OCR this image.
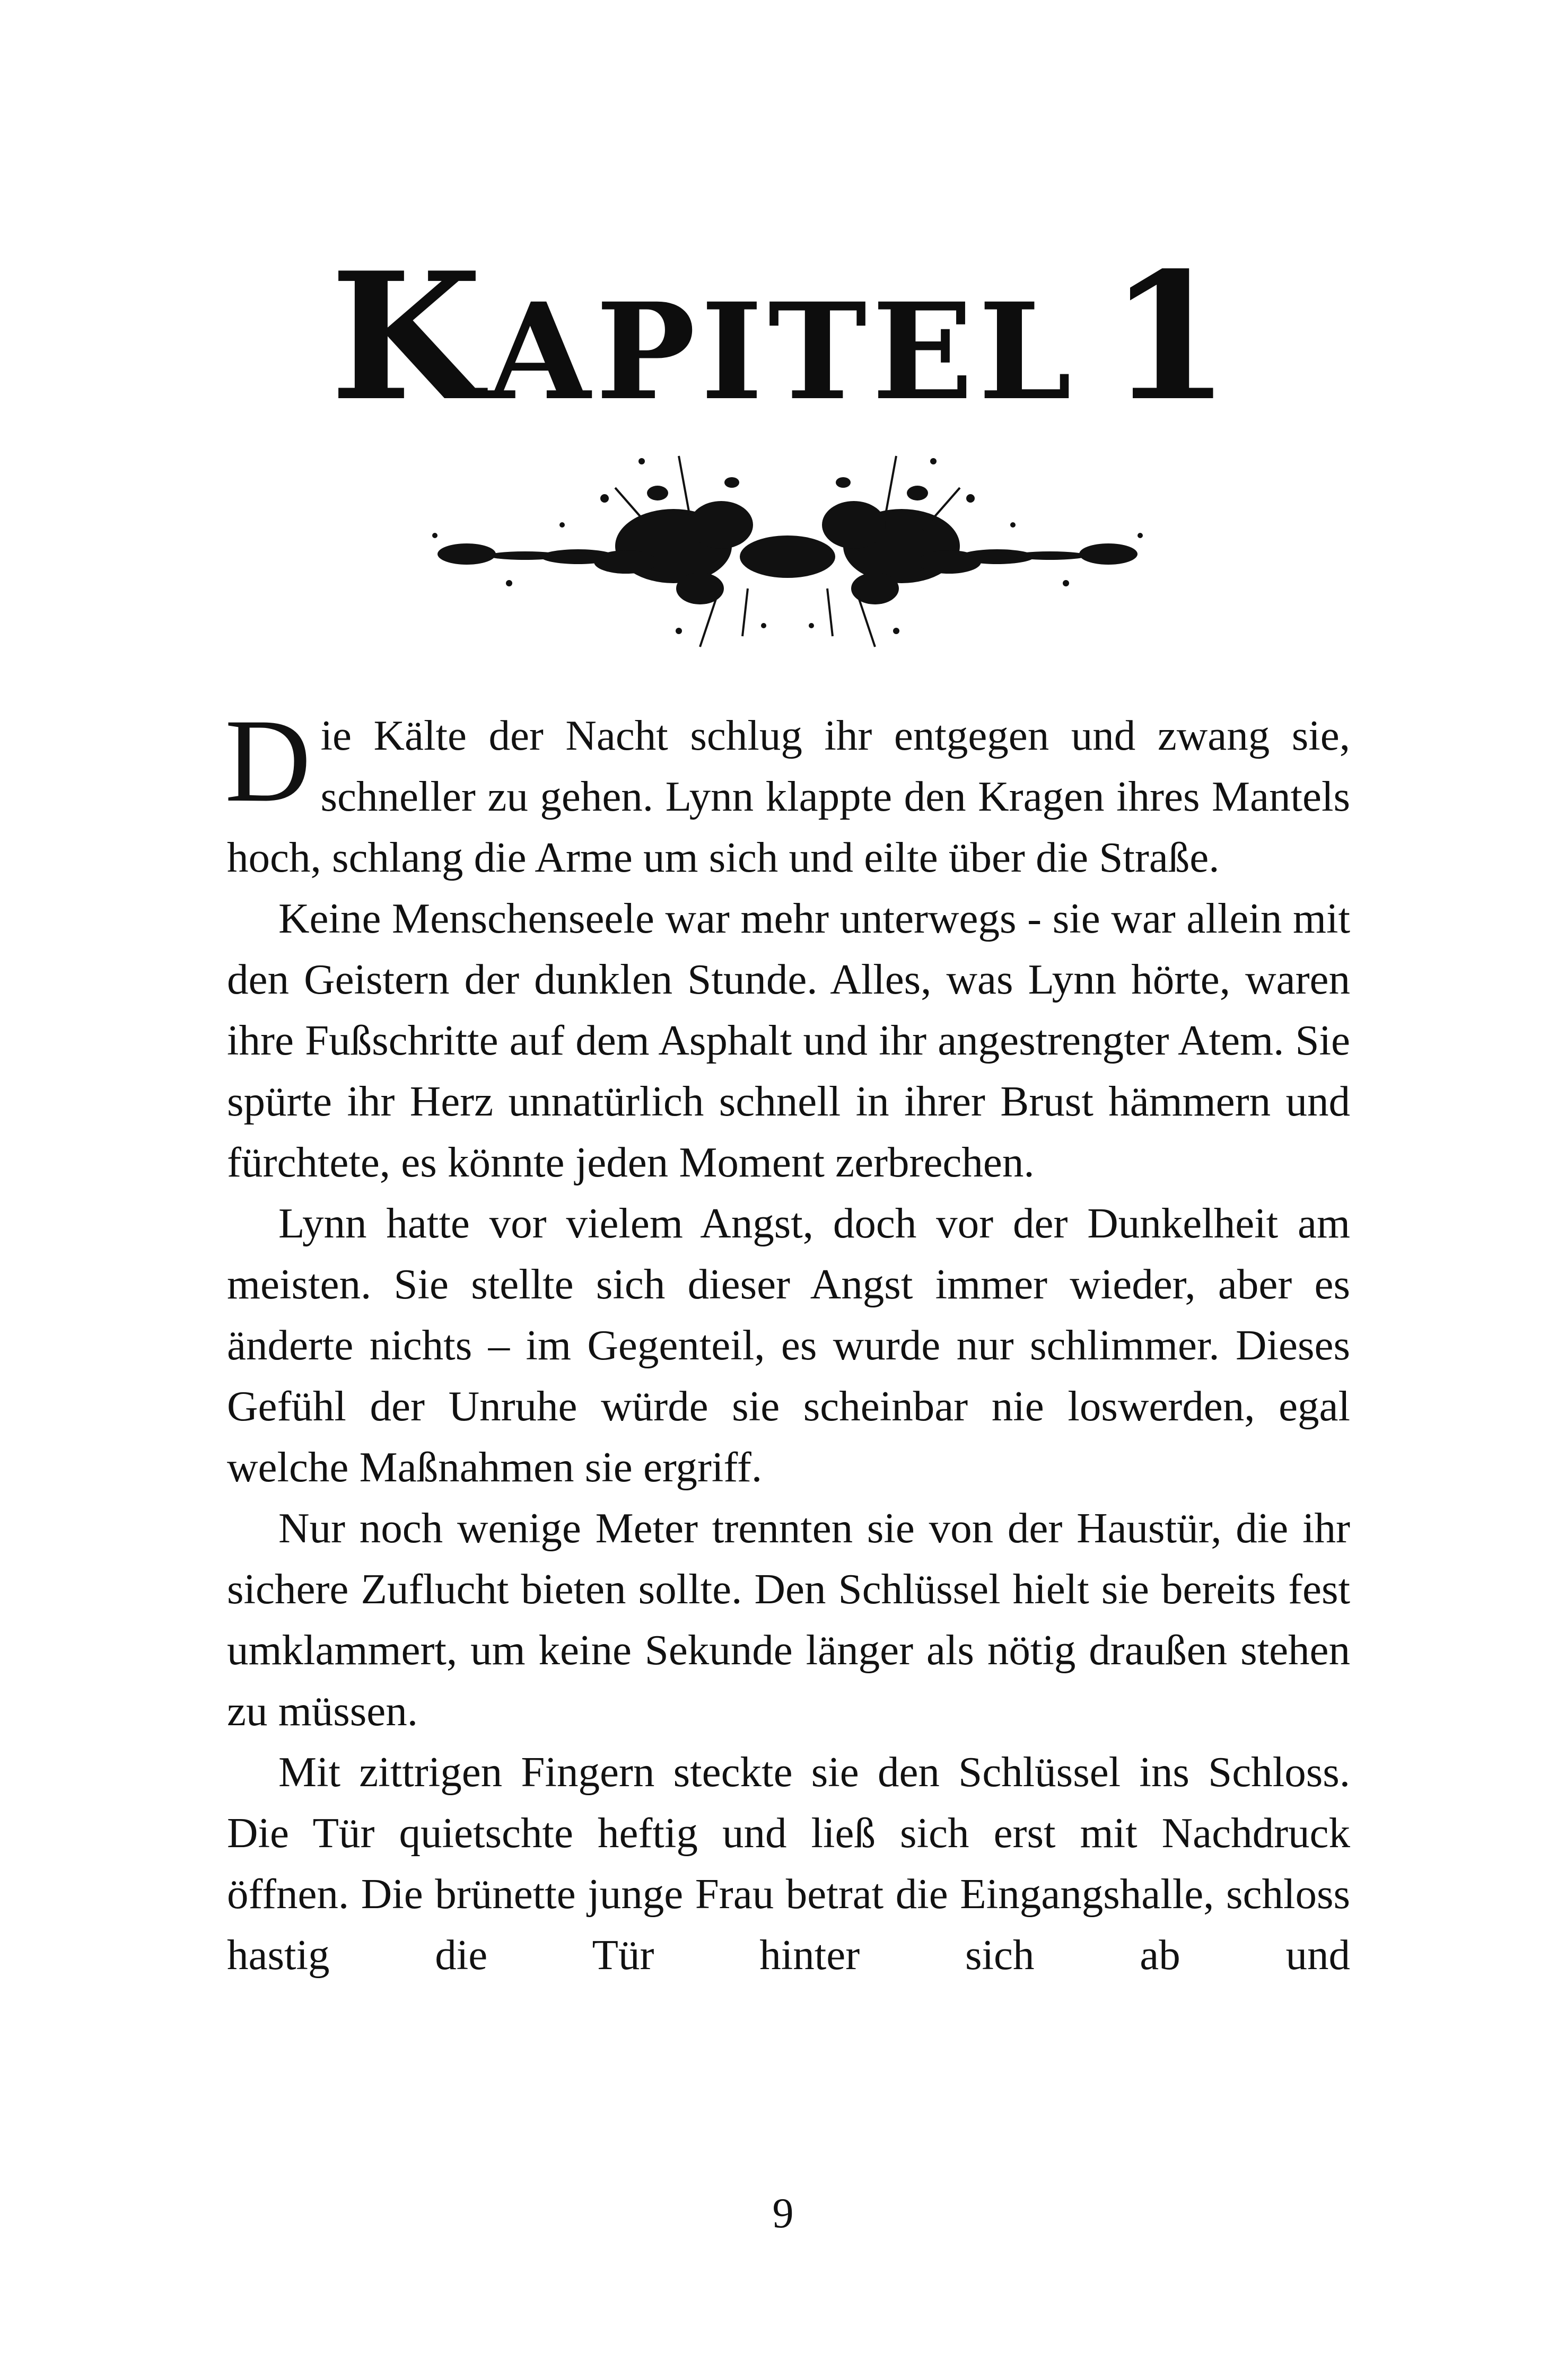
KAPITEL 1

Die Kälte der Nacht schlug ihr entgegen und zwang sie, schneller zu gehen. Lynn klappte den Kragen ihres Mantels hoch, schlang die Arme um sich und eilte über die Straße.

Keine Menschenseele war mehr unterwegs - sie war allein mit den Geistern der dunklen Stunde. Alles, was Lynn hörte, waren ihre Fußschritte auf dem Asphalt und ihr angestrengter Atem. Sie spürte ihr Herz unnatürlich schnell in ihrer Brust hämmern und fürchtete, es könnte jeden Moment zerbrechen.

Lynn hatte vor vielem Angst, doch vor der Dunkelheit am meisten. Sie stellte sich dieser Angst immer wieder, aber es änderte nichts – im Gegenteil, es wurde nur schlimmer. Dieses Gefühl der Unruhe würde sie scheinbar nie loswerden, egal welche Maßnahmen sie ergriff.

Nur noch wenige Meter trennten sie von der Haustür, die ihr sichere Zuflucht bieten sollte. Den Schlüssel hielt sie bereits fest umklammert, um keine Sekunde länger als nötig draußen stehen zu müssen.

Mit zittrigen Fingern steckte sie den Schlüssel ins Schloss. Die Tür quietschte heftig und ließ sich erst mit Nachdruck öffnen. Die brünette junge Frau betrat die Eingangshalle, schloss hastig die Tür hinter sich ab und

9
